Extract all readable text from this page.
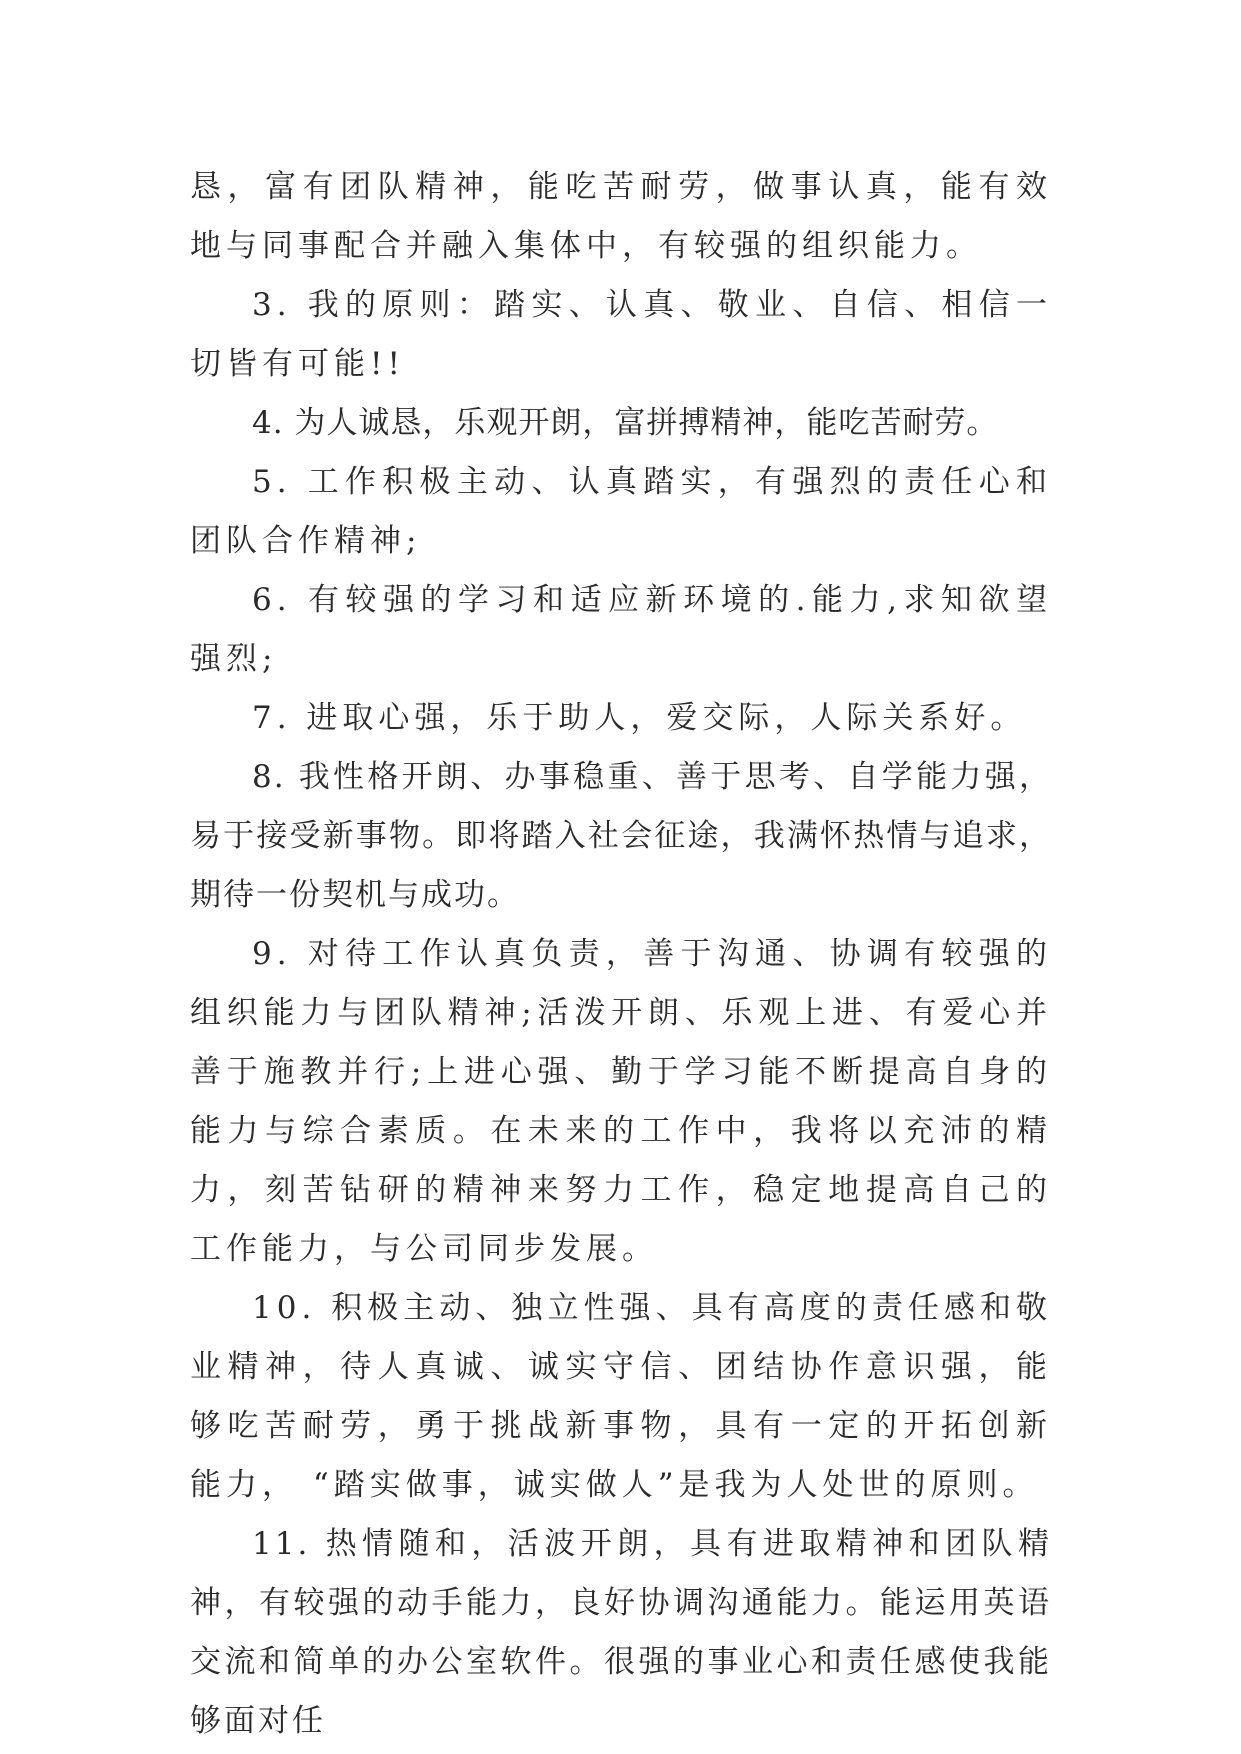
恳，富有团队精神，能吃苦耐劳，做事认真，能有效地与同事配合并融入集体中，有较强的组织能力。

3. 我的原则：踏实、认真、敬业、自信、相信一切皆有可能!!

4. 为人诚恳，乐观开朗，富拼搏精神，能吃苦耐劳。

5. 工作积极主动、认真踏实，有强烈的责任心和团队合作精神;

6. 有较强的学习和适应新环境的.能力,求知欲望强烈;

7. 进取心强，乐于助人，爱交际，人际关系好。

8. 我性格开朗、办事稳重、善于思考、自学能力强，易于接受新事物。即将踏入社会征途，我满怀热情与追求，期待一份契机与成功。

9. 对待工作认真负责，善于沟通、协调有较强的组织能力与团队精神;活泼开朗、乐观上进、有爱心并善于施教并行;上进心强、勤于学习能不断提高自身的能力与综合素质。在未来的工作中，我将以充沛的精力，刻苦钻研的精神来努力工作，稳定地提高自己的工作能力，与公司同步发展。

10. 积极主动、独立性强、具有高度的责任感和敬业精神，待人真诚、诚实守信、团结协作意识强，能够吃苦耐劳，勇于挑战新事物，具有一定的开拓创新能力， “踏实做事，诚实做人”是我为人处世的原则。

11. 热情随和，活波开朗，具有进取精神和团队精神，有较强的动手能力，良好协调沟通能力。能运用英语交流和简单的办公室软件。很强的事业心和责任感使我能够面对任
